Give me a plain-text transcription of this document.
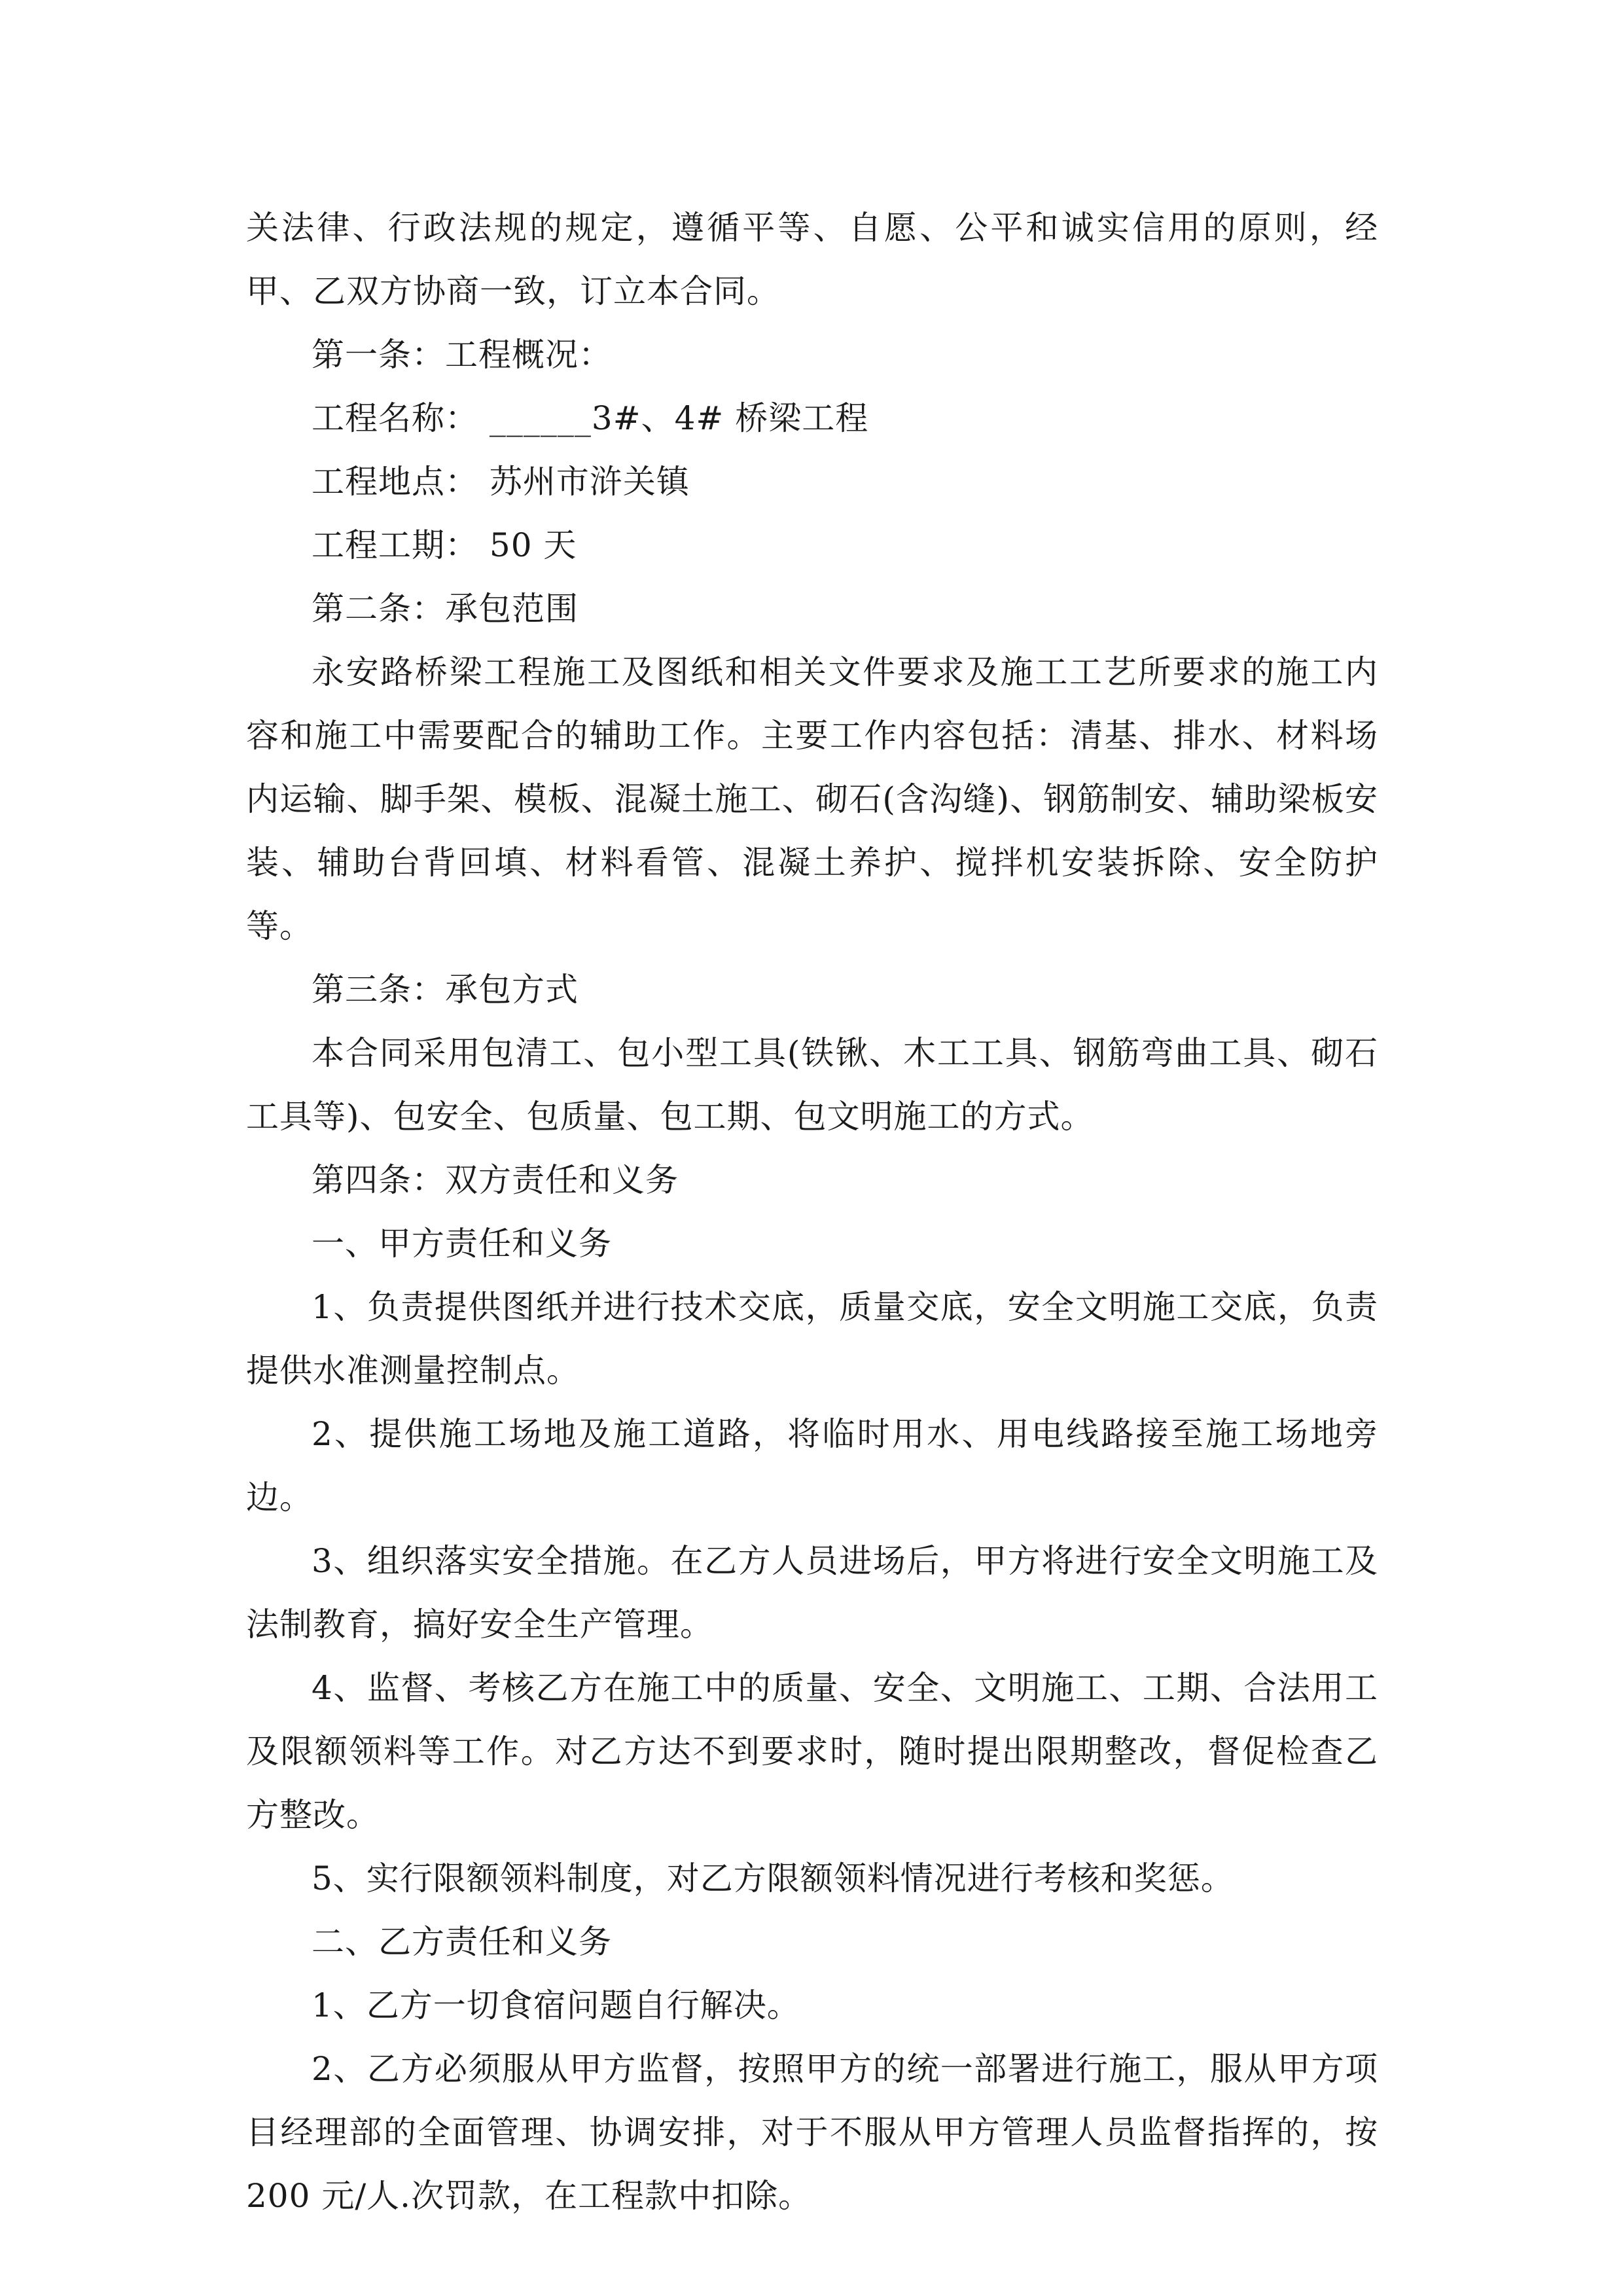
关法律、行政法规的规定，遵循平等、自愿、公平和诚实信用的原则，经甲、乙双方协商一致，订立本合同。

第一条：工程概况：

工程名称： ______3#、4# 桥梁工程

工程地点： 苏州市浒关镇

工程工期： 50 天

第二条：承包范围

永安路桥梁工程施工及图纸和相关文件要求及施工工艺所要求的施工内容和施工中需要配合的辅助工作。主要工作内容包括：清基、排水、材料场内运输、脚手架、模板、混凝土施工、砌石(含沟缝)、钢筋制安、辅助梁板安装、辅助台背回填、材料看管、混凝土养护、搅拌机安装拆除、安全防护等。

第三条：承包方式

本合同采用包清工、包小型工具(铁锹、木工工具、钢筋弯曲工具、砌石工具等)、包安全、包质量、包工期、包文明施工的方式。

第四条：双方责任和义务

一、甲方责任和义务

1、负责提供图纸并进行技术交底，质量交底，安全文明施工交底，负责提供水准测量控制点。

2、提供施工场地及施工道路，将临时用水、用电线路接至施工场地旁边。

3、组织落实安全措施。在乙方人员进场后，甲方将进行安全文明施工及法制教育，搞好安全生产管理。

4、监督、考核乙方在施工中的质量、安全、文明施工、工期、合法用工及限额领料等工作。对乙方达不到要求时，随时提出限期整改，督促检查乙方整改。

5、实行限额领料制度，对乙方限额领料情况进行考核和奖惩。

二、乙方责任和义务

1、乙方一切食宿问题自行解决。

2、乙方必须服从甲方监督，按照甲方的统一部署进行施工，服从甲方项目经理部的全面管理、协调安排，对于不服从甲方管理人员监督指挥的，按 200 元/人.次罚款，在工程款中扣除。
